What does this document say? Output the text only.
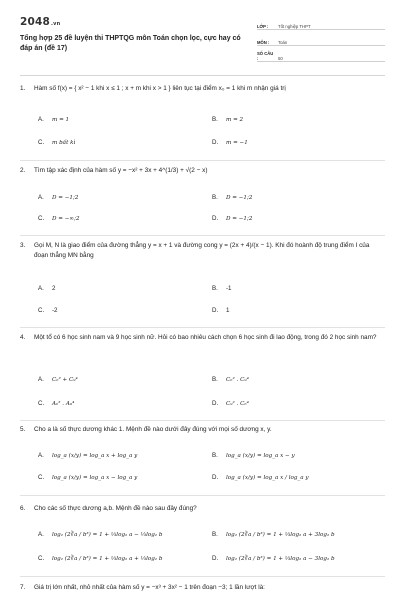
2048.vn
Tổng hợp 25 đề luyện thi THPTQG môn Toán chọn lọc, cực hay có đáp án (đề 17)
LỚP :	Tốt nghiệp THPT
MÔN :	Toán
SỐ CÂU :	50
1.	Hàm số f(x) = { x² − 1 khi x ≤ 1 ; x + m khi x > 1 } liên tục tại điểm x₀ = 1 khi m nhận giá trị
A. m = 1	B. m = 2
C. m bất kì	D. m = −1
2.	Tìm tập xác định của hàm số y = −x² + 3x + 4^(1/3) + √(2 − x)
A. D = −1;2	B. D = −1;2
C. D = −∞;2	D. D = −1;2
3.	Gọi M, N là giao điểm của đường thẳng y = x + 1 và đường cong y = (2x + 4)/(x − 1). Khi đó hoành độ trung điểm I của đoạn thẳng MN bằng
A. 2	B. -1
C. -2	D. 1
4.	Một tổ có 6 học sinh nam và 9 học sinh nữ. Hỏi có bao nhiêu cách chọn 6 học sinh đi lao động, trong đó 2 học sinh nam?
A. C₆² + C₉⁴	B. C₆² . C₉⁴
C. A₆² . A₉⁴	D. C₉² . C₆⁴
5.	Cho a là số thực dương khác 1. Mệnh đề nào dưới đây đúng với mọi số dương x, y.
A. log_a (x/y) = log_a x + log_a y	B. log_a (x/y) = log_a x − y
C. log_a (x/y) = log_a x − log_a y	D. log_a (x/y) = log_a x / log_a y
6.	Cho các số thực dương a,b. Mệnh đề nào sau đây đúng?
A. log₂ (2∛a / b³) = 1 + ⅓log₂ a − ⅓log₂ b	B. log₂ (2∛a / b³) = 1 + ⅓log₂ a + 3log₂ b
C. log₂ (2∛a / b³) = 1 + ⅓log₂ a + ⅓log₂ b	D. log₂ (2∛a / b³) = 1 + ⅓log₂ a − 3log₂ b
7.	Giá trị lớn nhất, nhỏ nhất của hàm số y = −x³ + 3x² − 1 trên đoạn −3; 1 lần lượt là:
